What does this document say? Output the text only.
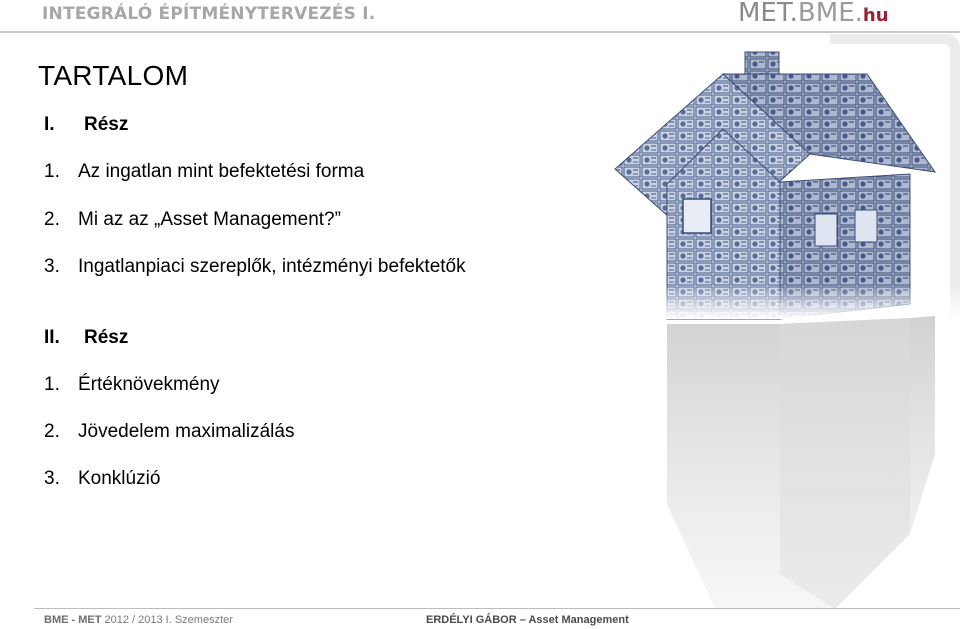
INTEGRÁLÓ ÉPÍTMÉNYTERVEZÉS I.	MET.BME.hu
TARTALOM
I. Rész
1. Az ingatlan mint befektetési forma
2. Mi az az „Asset Management?”
3. Ingatlanpiaci szereplők, intézményi befektetők
II. Rész
1. Értéknövekmény
2. Jövedelem maximalizálás
3. Konklúzió
BME - MET 2012 / 2013 I. Szemeszter	ERDÉLYI GÁBOR – Asset Management
